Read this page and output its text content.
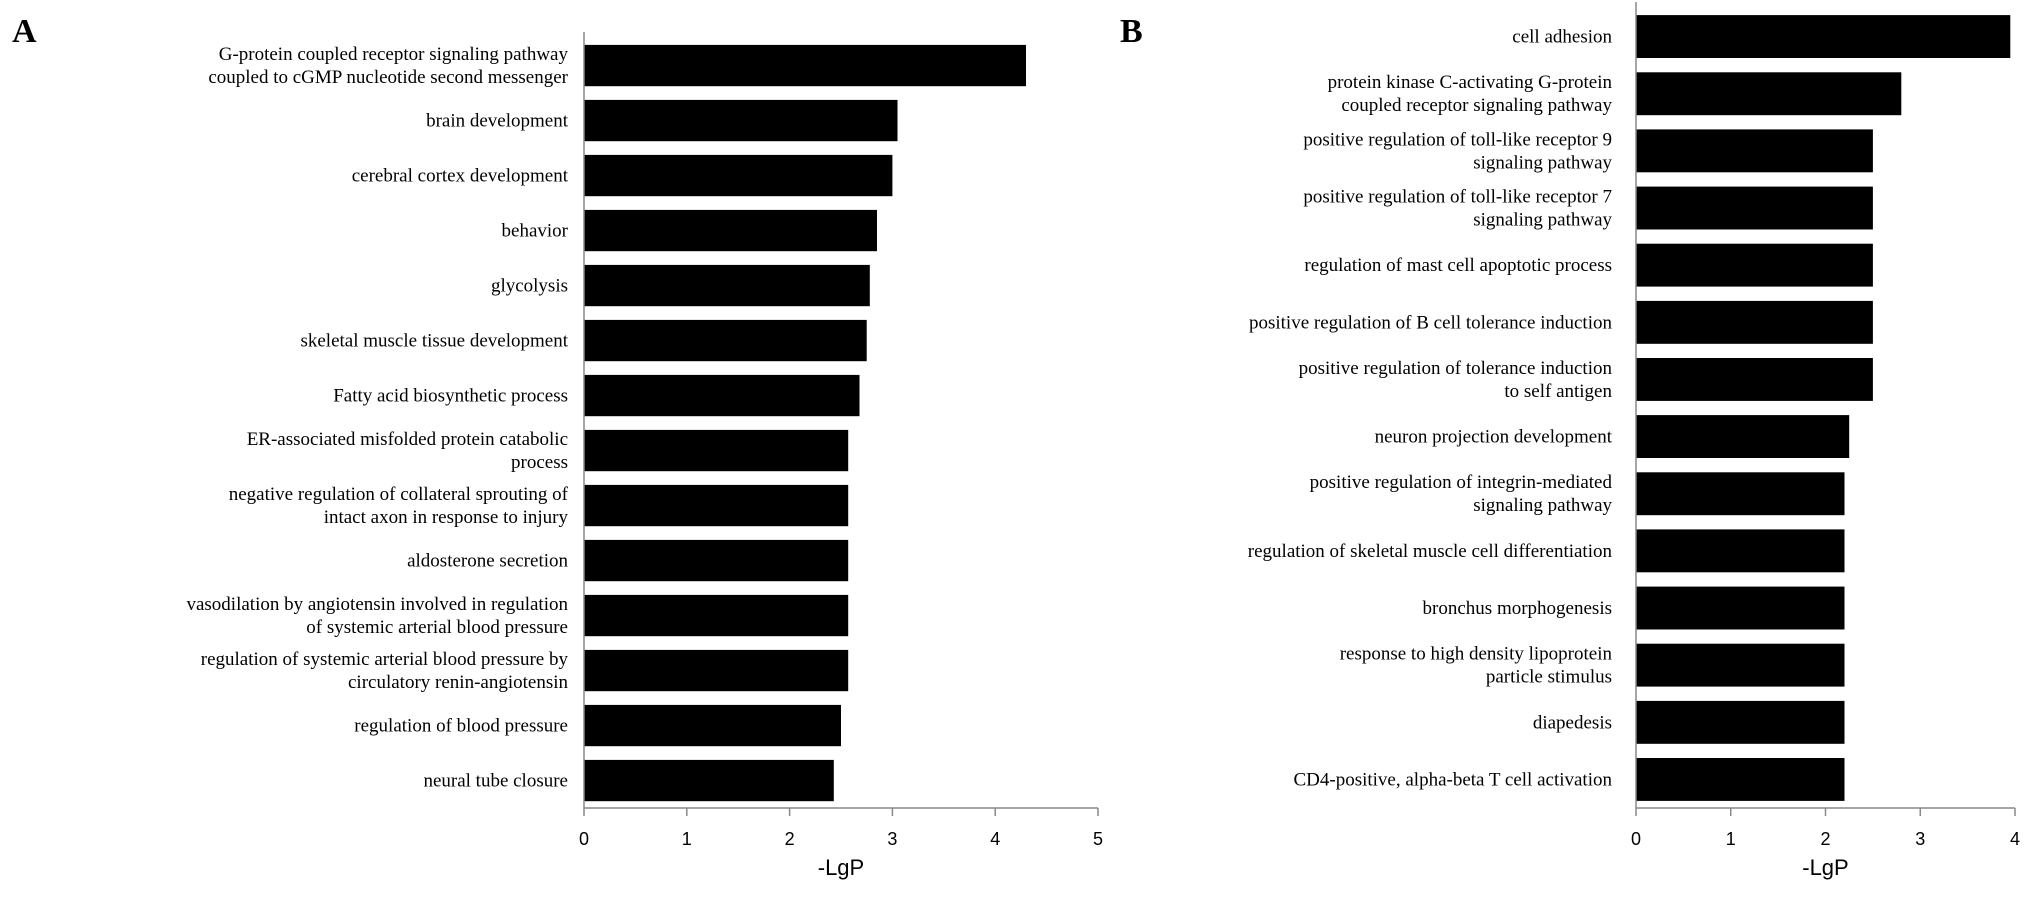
A
G-protein coupled receptor signaling pathway coupled to cGMP nucleotide second messenger
brain development
cerebral cortex development
behavior
glycolysis
skeletal muscle tissue development
Fatty acid biosynthetic process
ER-associated misfolded protein catabolic process
negative regulation of collateral sprouting of intact axon in response to injury
aldosterone secretion
vasodilation by angiotensin involved in regulation of systemic arterial blood pressure
regulation of systemic arterial blood pressure by circulatory renin-angiotensin
regulation of blood pressure
neural tube closure
0	1	2	3	4	5
-LgP
B	cell adhesion
protein kinase C-activating G-protein coupled receptor signaling pathway
positive regulation of toll-like receptor 9 signaling pathway
positive regulation of toll-like receptor 7 signaling pathway
regulation of mast cell apoptotic process
positive regulation of B cell tolerance induction
positive regulation of tolerance induction to self antigen
neuron projection development
positive regulation of integrin-mediated signaling pathway
regulation of skeletal muscle cell differentiation
bronchus morphogenesis
response to high density lipoprotein particle stimulus
diapedesis
CD4-positive, alpha-beta T cell activation
0	1	2	3	4
-LgP
